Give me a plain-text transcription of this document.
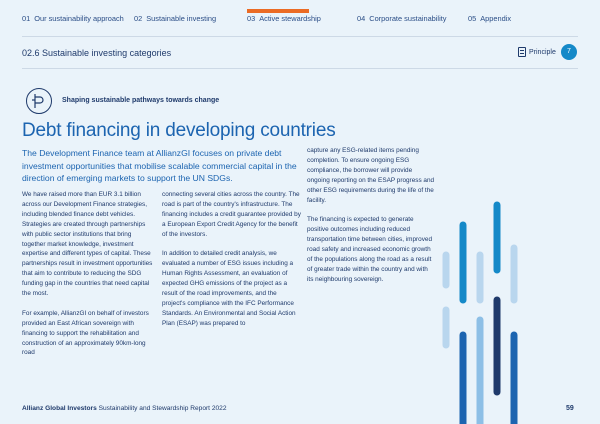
01 Our sustainability approach 02 Sustainable investing	03 Active stewardship	04 Corporate sustainability	05 Appendix
02.6 Sustainable investing categories	Principle	7
Shaping sustainable pathways towards change
Debt financing in developing countries
The Development Finance team at AllianzGI focuses on private debt investment opportunities that mobilise scalable commercial capital in the direction of emerging markets to support the UN SDGs.

We have raised more than EUR 3.1 billion across our Development Finance strategies, including blended finance debt vehicles. Strategies are created through partnerships with public sector institutions that bring together market knowledge, investment expertise and different types of capital. These partnerships result in investment opportunities that aim to contribute to reducing the SDG funding gap in the countries that need capital the most.

For example, AllianzGI on behalf of investors provided an East African sovereign with financing to support the rehabilitation and construction of an approximately 90km-long road

connecting several cities across the country. The road is part of the country's infrastructure. The financing includes a credit guarantee provided by a European Export Credit Agency for the benefit of the investors.

In addition to detailed credit analysis, we evaluated a number of ESG issues including a Human Rights Assessment, an evaluation of expected GHG emissions of the project as a result of the road improvements, and the project's compliance with the IFC Performance Standards. An Environmental and Social Action Plan (ESAP) was prepared to

capture any ESG-related items pending completion. To ensure ongoing ESG compliance, the borrower will provide ongoing reporting on the ESAP progress and other ESG requirements during the life of the facility.

The financing is expected to generate positive outcomes including reduced transportation time between cities, improved road safety and increased economic growth of the populations along the road as a result of greater trade within the country and with its neighbouring sovereign.

Allianz Global Investors Sustainability and Stewardship Report 2022	59
